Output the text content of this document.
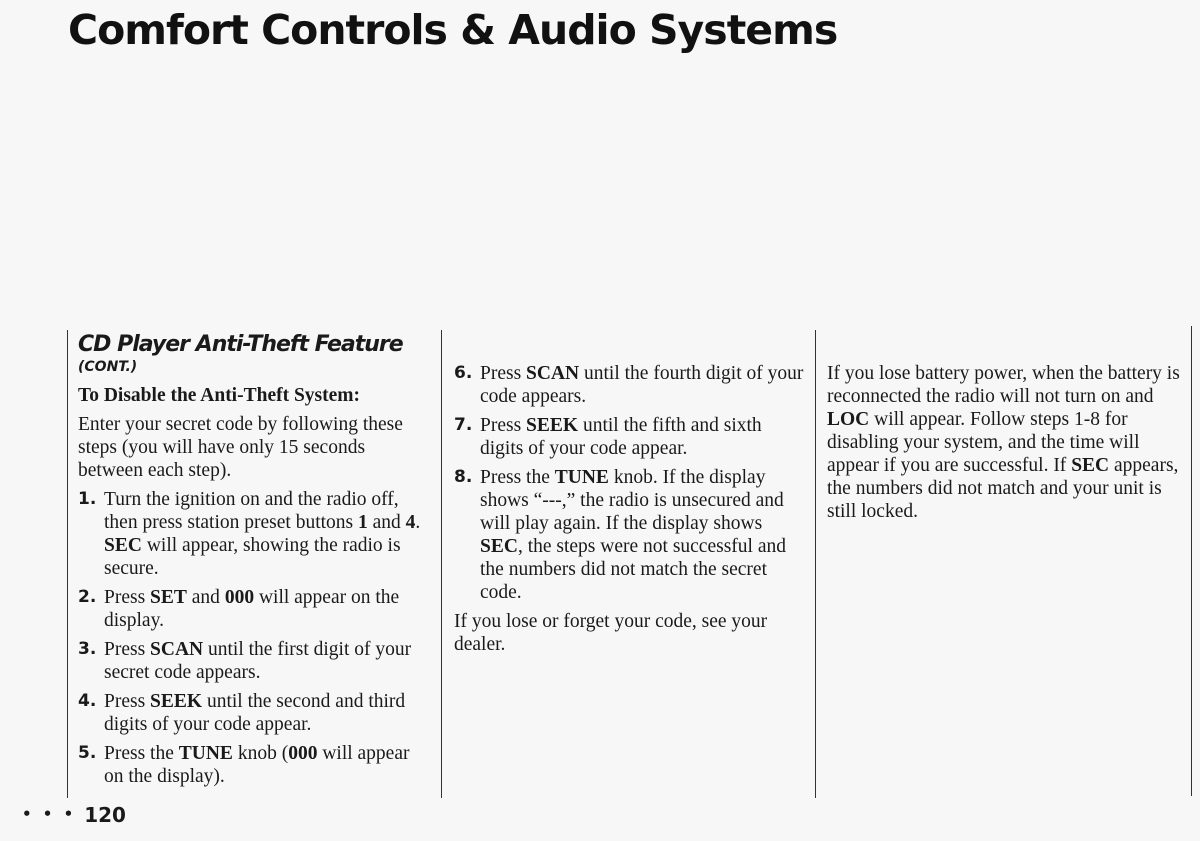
Comfort Controls & Audio Systems
CD Player Anti-Theft Feature
(CONT.)
To Disable the Anti-Theft System:

Enter your secret code by following these steps (you will have only 15 seconds between each step).

1. Turn the ignition on and the radio off, then press station preset buttons 1 and 4. SEC will appear, showing the radio is secure.
2. Press SET and 000 will appear on the display.
3. Press SCAN until the first digit of your secret code appears.
4. Press SEEK until the second and third digits of your code appear.
5. Press the TUNE knob (000 will appear on the display).
6. Press SCAN until the fourth digit of your code appears.
7. Press SEEK until the fifth and sixth digits of your code appear.
8. Press the TUNE knob. If the display shows “---,” the radio is unsecured and will play again. If the display shows SEC, the steps were not successful and the numbers did not match the secret code.

If you lose or forget your code, see your dealer.

If you lose battery power, when the battery is reconnected the radio will not turn on and LOC will appear. Follow steps 1-8 for disabling your system, and the time will appear if you are successful. If SEC appears, the numbers did not match and your unit is still locked.

• • • 120
